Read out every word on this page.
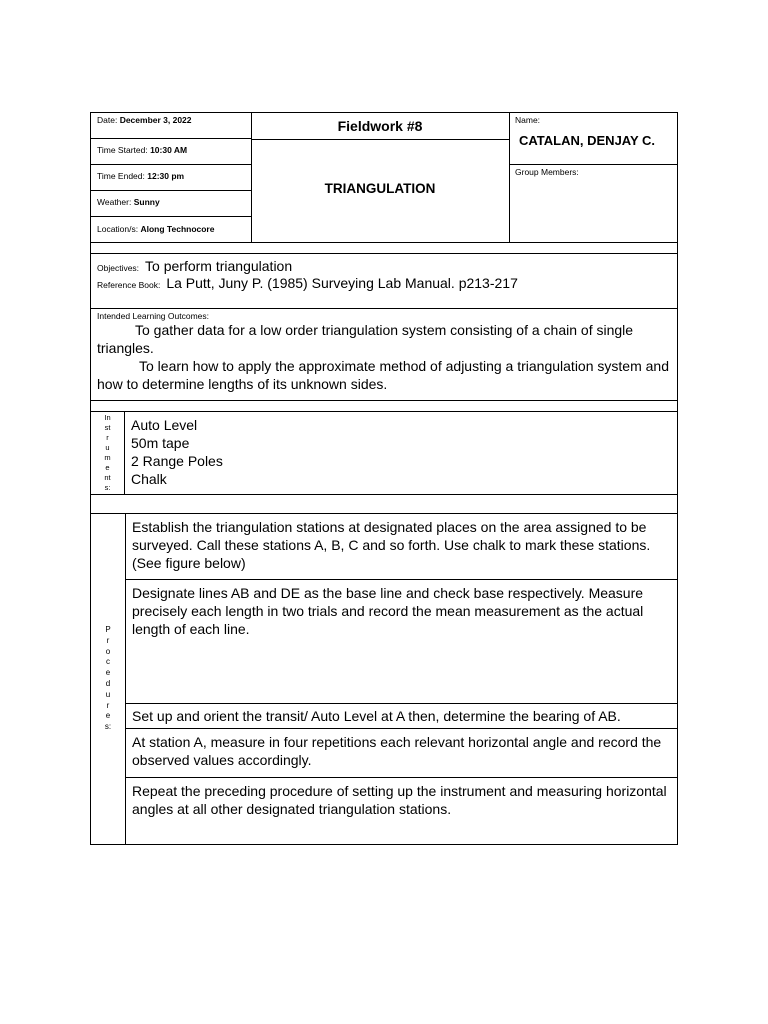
Date: December 3, 2022
Time Started: 10:30 AM
Time Ended: 12:30 pm
Weather: Sunny
Location/s: Along Technocore
Fieldwork #8
TRIANGULATION
Name:
CATALAN, DENJAY C.
Group Members:
Objectives: To perform triangulation
Reference Book: La Putt, Juny P. (1985) Surveying Lab Manual. p213-217
Intended Learning Outcomes:

To gather data for a low order triangulation system consisting of a chain of single triangles.

To learn how to apply the approximate method of adjusting a triangulation system and how to determine lengths of its unknown sides.

In
st
r
u
m
e
nt
s:
Auto Level
50m tape
2 Range Poles
Chalk
P
r
o
c
e
d
u
r
e
s:
Establish the triangulation stations at designated places on the area assigned to be surveyed. Call these stations A, B, C and so forth. Use chalk to mark these stations. (See figure below)
Designate lines AB and DE as the base line and check base respectively. Measure precisely each length in two trials and record the mean measurement as the actual length of each line.
Set up and orient the transit/ Auto Level at A then, determine the bearing of AB.
At station A, measure in four repetitions each relevant horizontal angle and record the observed values accordingly.
Repeat the preceding procedure of setting up the instrument and measuring horizontal angles at all other designated triangulation stations.
